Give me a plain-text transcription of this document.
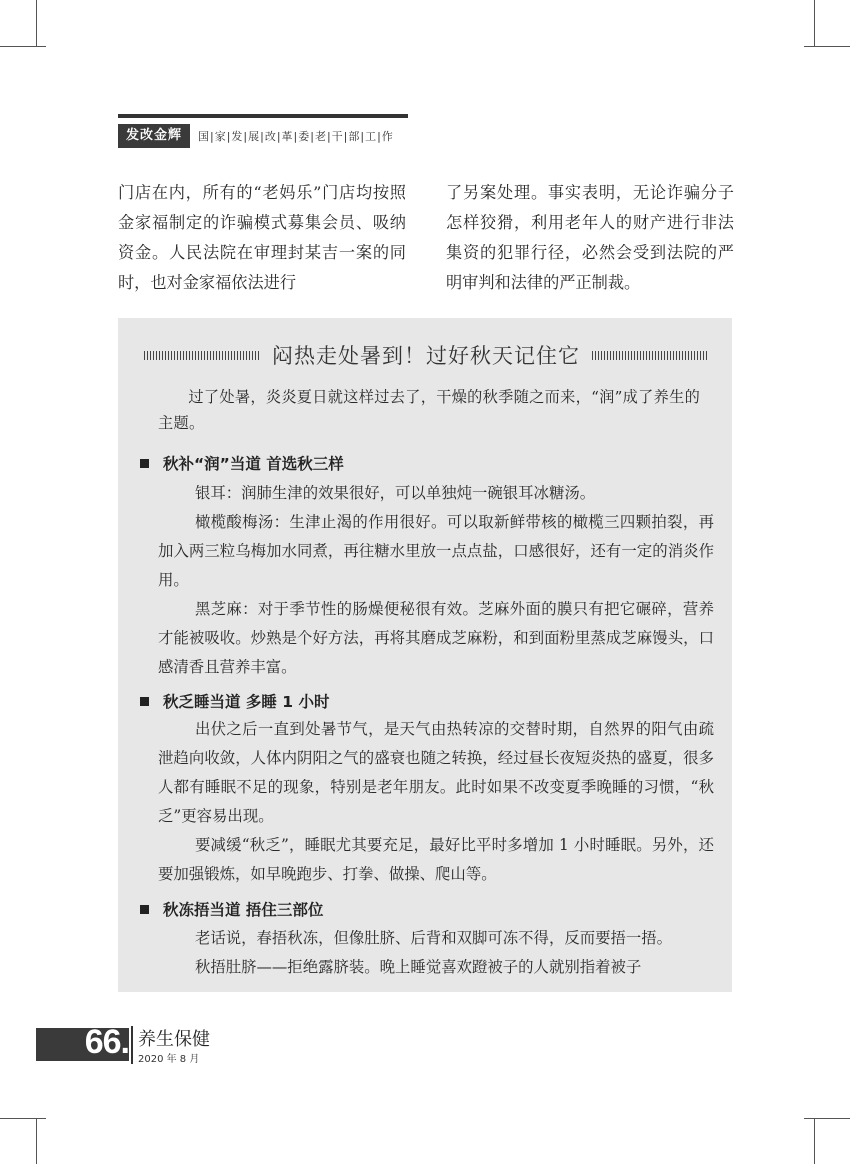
发改金辉	国|家|发|展|改|革|委|老|干|部|工|作

门店在内，所有的“老妈乐”门店均按照金家福制定的诈骗模式募集会员、吸纳资金。人民法院在审理封某吉一案的同时，也对金家福依法进行

了另案处理。事实表明，无论诈骗分子怎样狡猾，利用老年人的财产进行非法集资的犯罪行径，必然会受到法院的严明审判和法律的严正制裁。

闷热走处暑到！过好秋天记住它

过了处暑，炎炎夏日就这样过去了，干燥的秋季随之而来，“润”成了养生的主题。

秋补“润”当道 首选秋三样

银耳：润肺生津的效果很好，可以单独炖一碗银耳冰糖汤。

橄榄酸梅汤：生津止渴的作用很好。可以取新鲜带核的橄榄三四颗拍裂，再加入两三粒乌梅加水同煮，再往糖水里放一点点盐，口感很好，还有一定的消炎作用。

黑芝麻：对于季节性的肠燥便秘很有效。芝麻外面的膜只有把它碾碎，营养才能被吸收。炒熟是个好方法，再将其磨成芝麻粉，和到面粉里蒸成芝麻馒头，口感清香且营养丰富。

秋乏睡当道 多睡 1 小时

出伏之后一直到处暑节气，是天气由热转凉的交替时期，自然界的阳气由疏泄趋向收敛，人体内阴阳之气的盛衰也随之转换，经过昼长夜短炎热的盛夏，很多人都有睡眠不足的现象，特别是老年朋友。此时如果不改变夏季晚睡的习惯，“秋乏”更容易出现。

要减缓“秋乏”，睡眠尤其要充足，最好比平时多增加 1 小时睡眠。另外，还要加强锻炼，如早晚跑步、打拳、做操、爬山等。

秋冻捂当道 捂住三部位

老话说，春捂秋冻，但像肚脐、后背和双脚可冻不得，反而要捂一捂。

秋捂肚脐——拒绝露脐装。晚上睡觉喜欢蹬被子的人就别指着被子

66. 养生保健
2020 年 8 月
